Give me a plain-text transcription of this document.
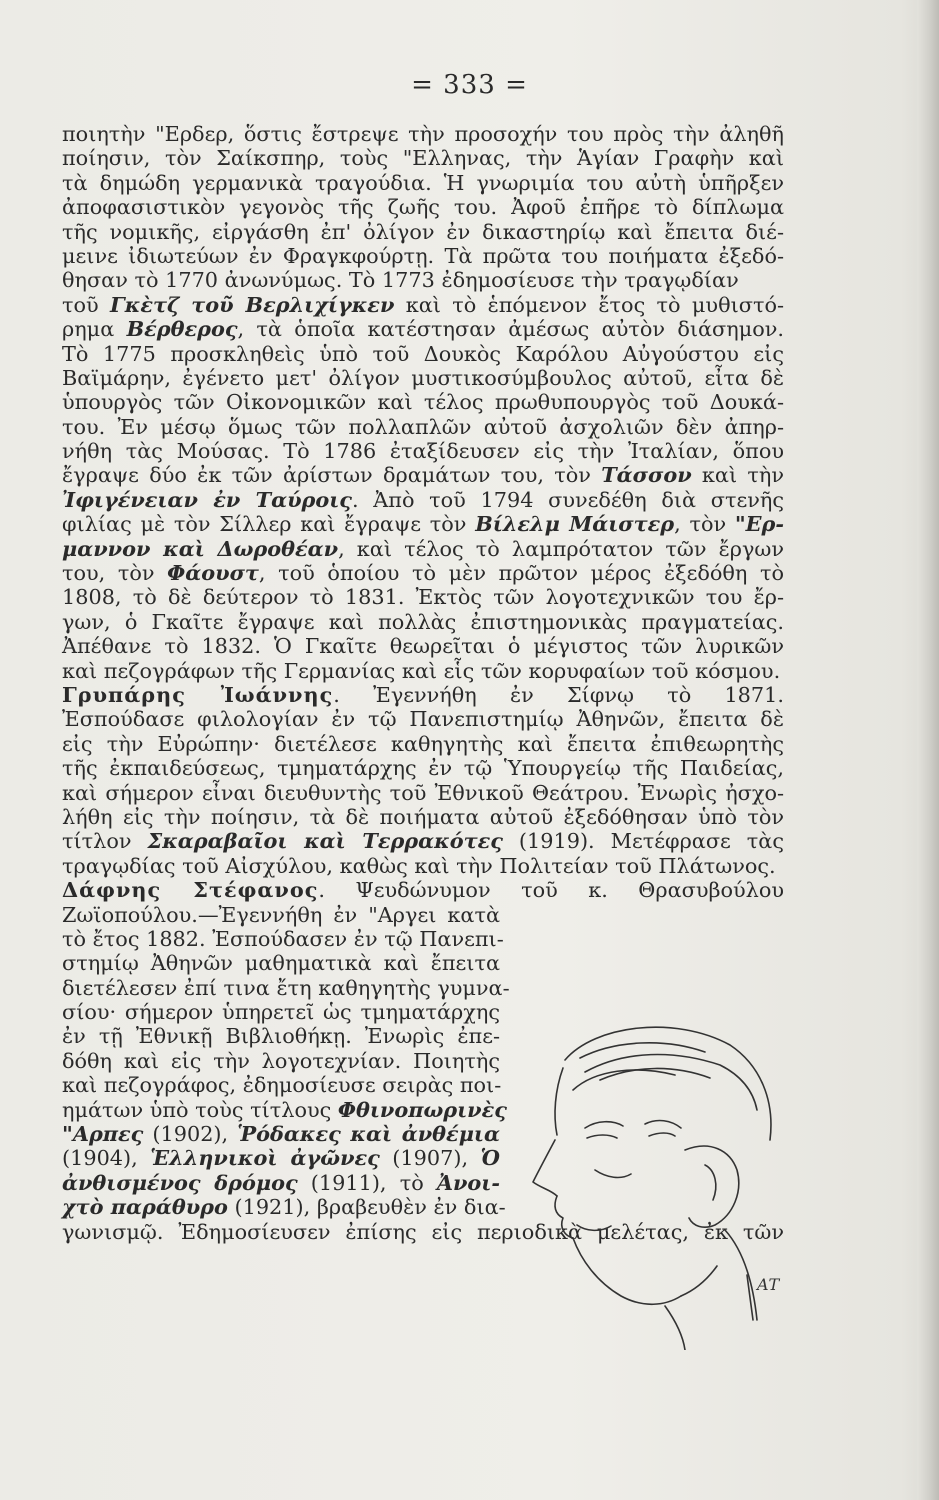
= 333 =
ποιητὴν "Ερδερ, ὅστις ἔστρεψε τὴν προσοχήν του πρὸς τὴν ἀληθῆ
ποίησιν, τὸν Σαίκσπηρ, τοὺς "Ελληνας, τὴν Ἁγίαν Γραφὴν καὶ
τὰ δημώδη γερμανικὰ τραγούδια. Ἡ γνωριμία του αὐτὴ ὑπῆρξεν
ἀποφασιστικὸν γεγονὸς τῆς ζωῆς του. Ἀφοῦ ἐπῆρε τὸ δίπλωμα
τῆς νομικῆς, εἰργάσθη ἐπ' ὀλίγον ἐν δικαστηρίῳ καὶ ἔπειτα διέ-
μεινε ἰδιωτεύων ἐν Φραγκφούρτῃ. Τὰ πρῶτα του ποιήματα ἐξεδό-
θησαν τὸ 1770 ἀνωνύμως. Τὸ 1773 ἐδημοσίευσε τὴν τραγῳδίαν
τοῦ Γκὲτζ τοῦ Βερλιχίγκεν καὶ τὸ ἑπόμενον ἔτος τὸ μυθιστό-
ρημα Βέρθερος, τὰ ὁποῖα κατέστησαν ἀμέσως αὐτὸν διάσημον.
Τὸ 1775 προσκληθεὶς ὑπὸ τοῦ Δουκὸς Καρόλου Αὐγούστου εἰς
Βαϊμάρην, ἐγένετο μετ' ὀλίγον μυστικοσύμβουλος αὐτοῦ, εἶτα δὲ
ὑπουργὸς τῶν Οἰκονομικῶν καὶ τέλος πρωθυπουργὸς τοῦ Δουκά-
του. Ἐν μέσῳ ὅμως τῶν πολλαπλῶν αὐτοῦ ἀσχολιῶν δὲν ἀπηρ-
νήθη τὰς Μούσας. Τὸ 1786 ἐταξίδευσεν εἰς τὴν Ἰταλίαν, ὅπου
ἔγραψε δύο ἐκ τῶν ἀρίστων δραμάτων του, τὸν Τάσσον καὶ τὴν
Ἰφιγένειαν ἐν Ταύροις. Ἀπὸ τοῦ 1794 συνεδέθη διὰ στενῆς
φιλίας μὲ τὸν Σίλλερ καὶ ἔγραψε τὸν Βίλελμ Μάιστερ, τὸν "Ερ-
μαννον καὶ Δωροθέαν, καὶ τέλος τὸ λαμπρότατον τῶν ἔργων
του, τὸν Φάουστ, τοῦ ὁποίου τὸ μὲν πρῶτον μέρος ἐξεδόθη τὸ
1808, τὸ δὲ δεύτερον τὸ 1831. Ἐκτὸς τῶν λογοτεχνικῶν του ἔρ-
γων, ὁ Γκαῖτε ἔγραψε καὶ πολλὰς ἐπιστημονικὰς πραγματείας.
Ἀπέθανε τὸ 1832. Ὁ Γκαῖτε θεωρεῖται ὁ μέγιστος τῶν λυρικῶν
καὶ πεζογράφων τῆς Γερμανίας καὶ εἷς τῶν κορυφαίων τοῦ κόσμου.
Γρυπάρης Ἰωάννης. Ἐγεννήθη ἐν Σίφνῳ τὸ 1871.
Ἐσπούδασε φιλολογίαν ἐν τῷ Πανεπιστημίῳ Ἀθηνῶν, ἔπειτα δὲ
εἰς τὴν Εὐρώπην· διετέλεσε καθηγητὴς καὶ ἔπειτα ἐπιθεωρητὴς
τῆς ἐκπαιδεύσεως, τμηματάρχης ἐν τῷ Ὑπουργείῳ τῆς Παιδείας,
καὶ σήμερον εἶναι διευθυντὴς τοῦ Ἐθνικοῦ Θεάτρου. Ἐνωρὶς ἠσχο-
λήθη εἰς τὴν ποίησιν, τὰ δὲ ποιήματα αὐτοῦ ἐξεδόθησαν ὑπὸ τὸν
τίτλον Σκαραβαῖοι καὶ Τερρακότες (1919). Μετέφρασε τὰς
τραγῳδίας τοῦ Αἰσχύλου, καθὼς καὶ τὴν Πολιτείαν τοῦ Πλάτωνος.
Δάφνης Στέφανος. Ψευδώνυμον τοῦ κ. Θρασυβούλου
Ζωϊοπούλου.—Ἐγεννήθη ἐν "Αργει κατὰ
τὸ ἔτος 1882. Ἐσπούδασεν ἐν τῷ Πανεπι-
στημίῳ Ἀθηνῶν μαθηματικὰ καὶ ἔπειτα
διετέλεσεν ἐπί τινα ἔτη καθηγητὴς γυμνα-
σίου· σήμερον ὑπηρετεῖ ὡς τμηματάρχης
ἐν τῇ Ἐθνικῇ Βιβλιοθήκῃ. Ἐνωρὶς ἐπε-
δόθη καὶ εἰς τὴν λογοτεχνίαν. Ποιητὴς
καὶ πεζογράφος, ἐδημοσίευσε σειρὰς ποι-
ημάτων ὑπὸ τοὺς τίτλους Φθινοπωρινὲς
"Αρπες (1902), Ῥόδακες καὶ ἀνθέμια
(1904), Ἑλληνικοὶ ἀγῶνες (1907), Ὁ
ἀνθισμένος δρόμος (1911), τὸ Ἀνοι-
χτὸ παράθυρο (1921), βραβευθὲν ἐν δια-
γωνισμῷ. Ἐδημοσίευσεν ἐπίσης εἰς περιοδικὰ μελέτας, ἐκ τῶν
ΑΤ
